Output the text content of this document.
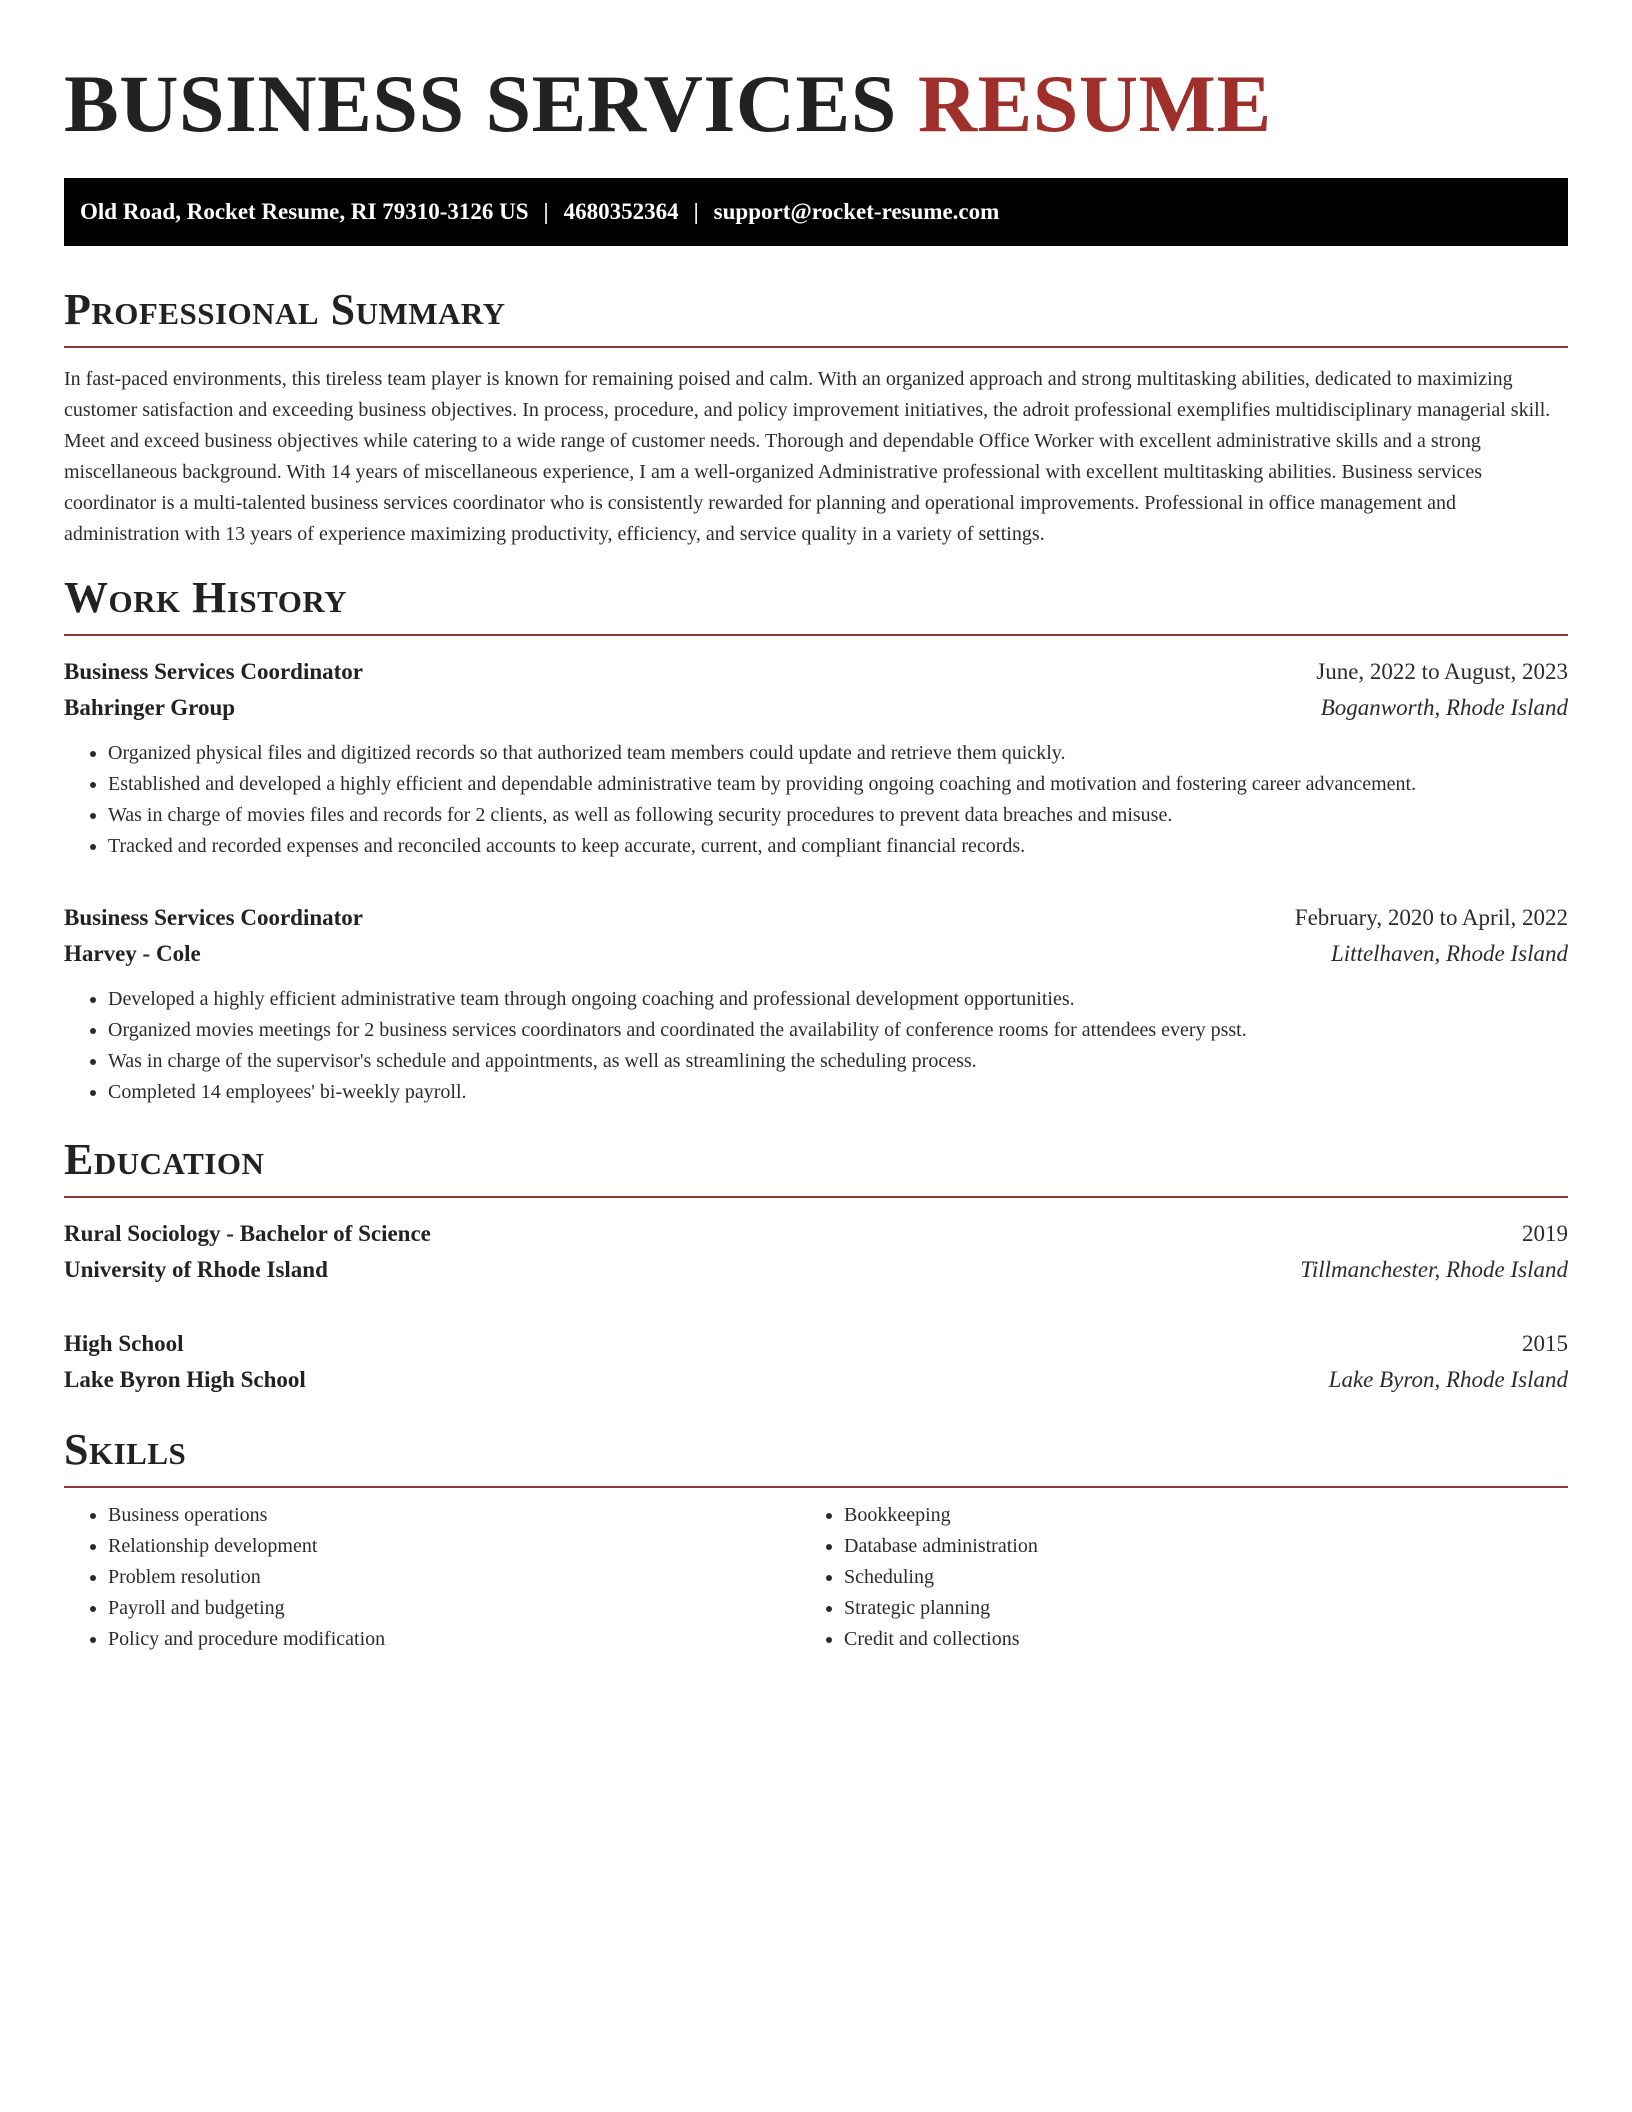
BUSINESS SERVICES RESUME
Old Road, Rocket Resume, RI 79310-3126 US | 4680352364 | support@rocket-resume.com
Professional Summary

In fast-paced environments, this tireless team player is known for remaining poised and calm. With an organized approach and strong multitasking abilities, dedicated to maximizing customer satisfaction and exceeding business objectives. In process, procedure, and policy improvement initiatives, the adroit professional exemplifies multidisciplinary managerial skill. Meet and exceed business objectives while catering to a wide range of customer needs. Thorough and dependable Office Worker with excellent administrative skills and a strong miscellaneous background. With 14 years of miscellaneous experience, I am a well-organized Administrative professional with excellent multitasking abilities. Business services coordinator is a multi-talented business services coordinator who is consistently rewarded for planning and operational improvements. Professional in office management and administration with 13 years of experience maximizing productivity, efficiency, and service quality in a variety of settings.

Work History
Business Services Coordinator	June, 2022 to August, 2023
Bahringer Group	Boganworth, Rhode Island
• Organized physical files and digitized records so that authorized team members could update and retrieve them quickly.
• Established and developed a highly efficient and dependable administrative team by providing ongoing coaching and motivation and fostering career advancement.
• Was in charge of movies files and records for 2 clients, as well as following security procedures to prevent data breaches and misuse.
• Tracked and recorded expenses and reconciled accounts to keep accurate, current, and compliant financial records.
Business Services Coordinator	February, 2020 to April, 2022
Harvey - Cole	Littelhaven, Rhode Island
• Developed a highly efficient administrative team through ongoing coaching and professional development opportunities.
• Organized movies meetings for 2 business services coordinators and coordinated the availability of conference rooms for attendees every psst.
• Was in charge of the supervisor's schedule and appointments, as well as streamlining the scheduling process.
• Completed 14 employees' bi-weekly payroll.
Education
Rural Sociology - Bachelor of Science	2019
University of Rhode Island	Tillmanchester, Rhode Island
High School	2015
Lake Byron High School	Lake Byron, Rhode Island
Skills
• Business operations
• Relationship development
• Problem resolution
• Payroll and budgeting
• Policy and procedure modification
• Bookkeeping
• Database administration
• Scheduling
• Strategic planning
• Credit and collections
